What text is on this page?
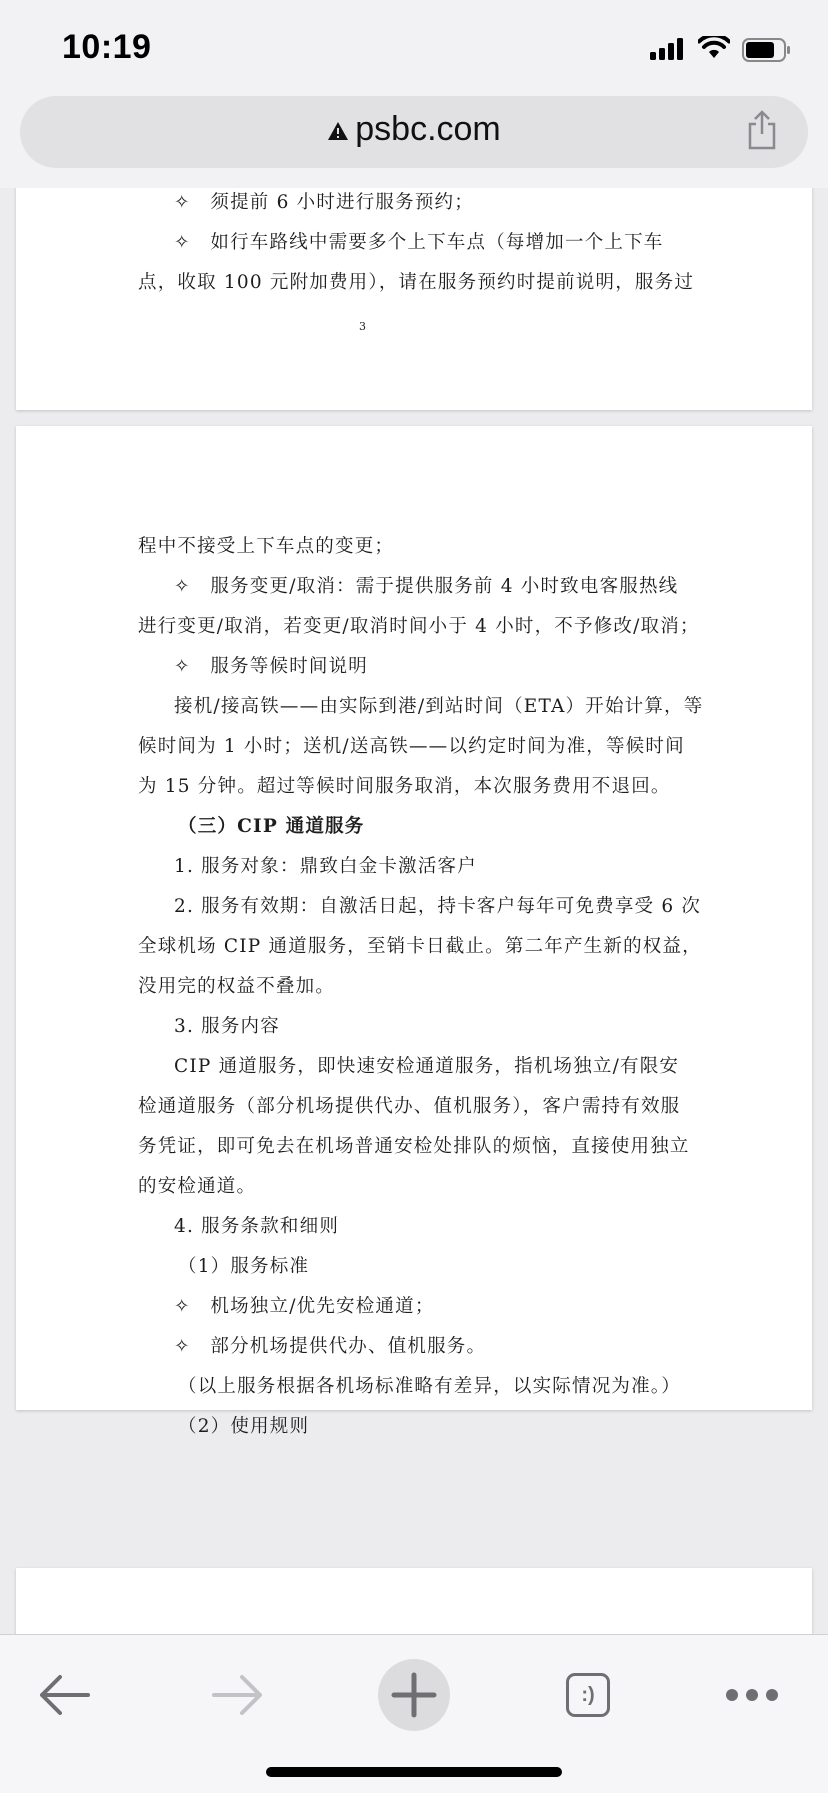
10:19
psbc.com
✧　须提前 6 小时进行服务预约；
✧　如行车路线中需要多个上下车点（每增加一个上下车
点，收取 100 元附加费用），请在服务预约时提前说明，服务过
3
程中不接受上下车点的变更；
✧　服务变更/取消：需于提供服务前 4 小时致电客服热线
进行变更/取消，若变更/取消时间小于 4 小时，不予修改/取消；
✧　服务等候时间说明
接机/接高铁——由实际到港/到站时间（ETA）开始计算，等
候时间为 1 小时；送机/送高铁——以约定时间为准，等候时间
为 15 分钟。超过等候时间服务取消，本次服务费用不退回。
（三）CIP 通道服务
1. 服务对象：鼎致白金卡激活客户
2. 服务有效期：自激活日起，持卡客户每年可免费享受 6 次
全球机场 CIP 通道服务，至销卡日截止。第二年产生新的权益，
没用完的权益不叠加。
3. 服务内容
CIP 通道服务，即快速安检通道服务，指机场独立/有限安
检通道服务（部分机场提供代办、值机服务），客户需持有效服
务凭证，即可免去在机场普通安检处排队的烦恼，直接使用独立
的安检通道。
4. 服务条款和细则
（1）服务标准
✧　机场独立/优先安检通道；
✧　部分机场提供代办、值机服务。
（以上服务根据各机场标准略有差异，以实际情况为准。）
（2）使用规则
:)
